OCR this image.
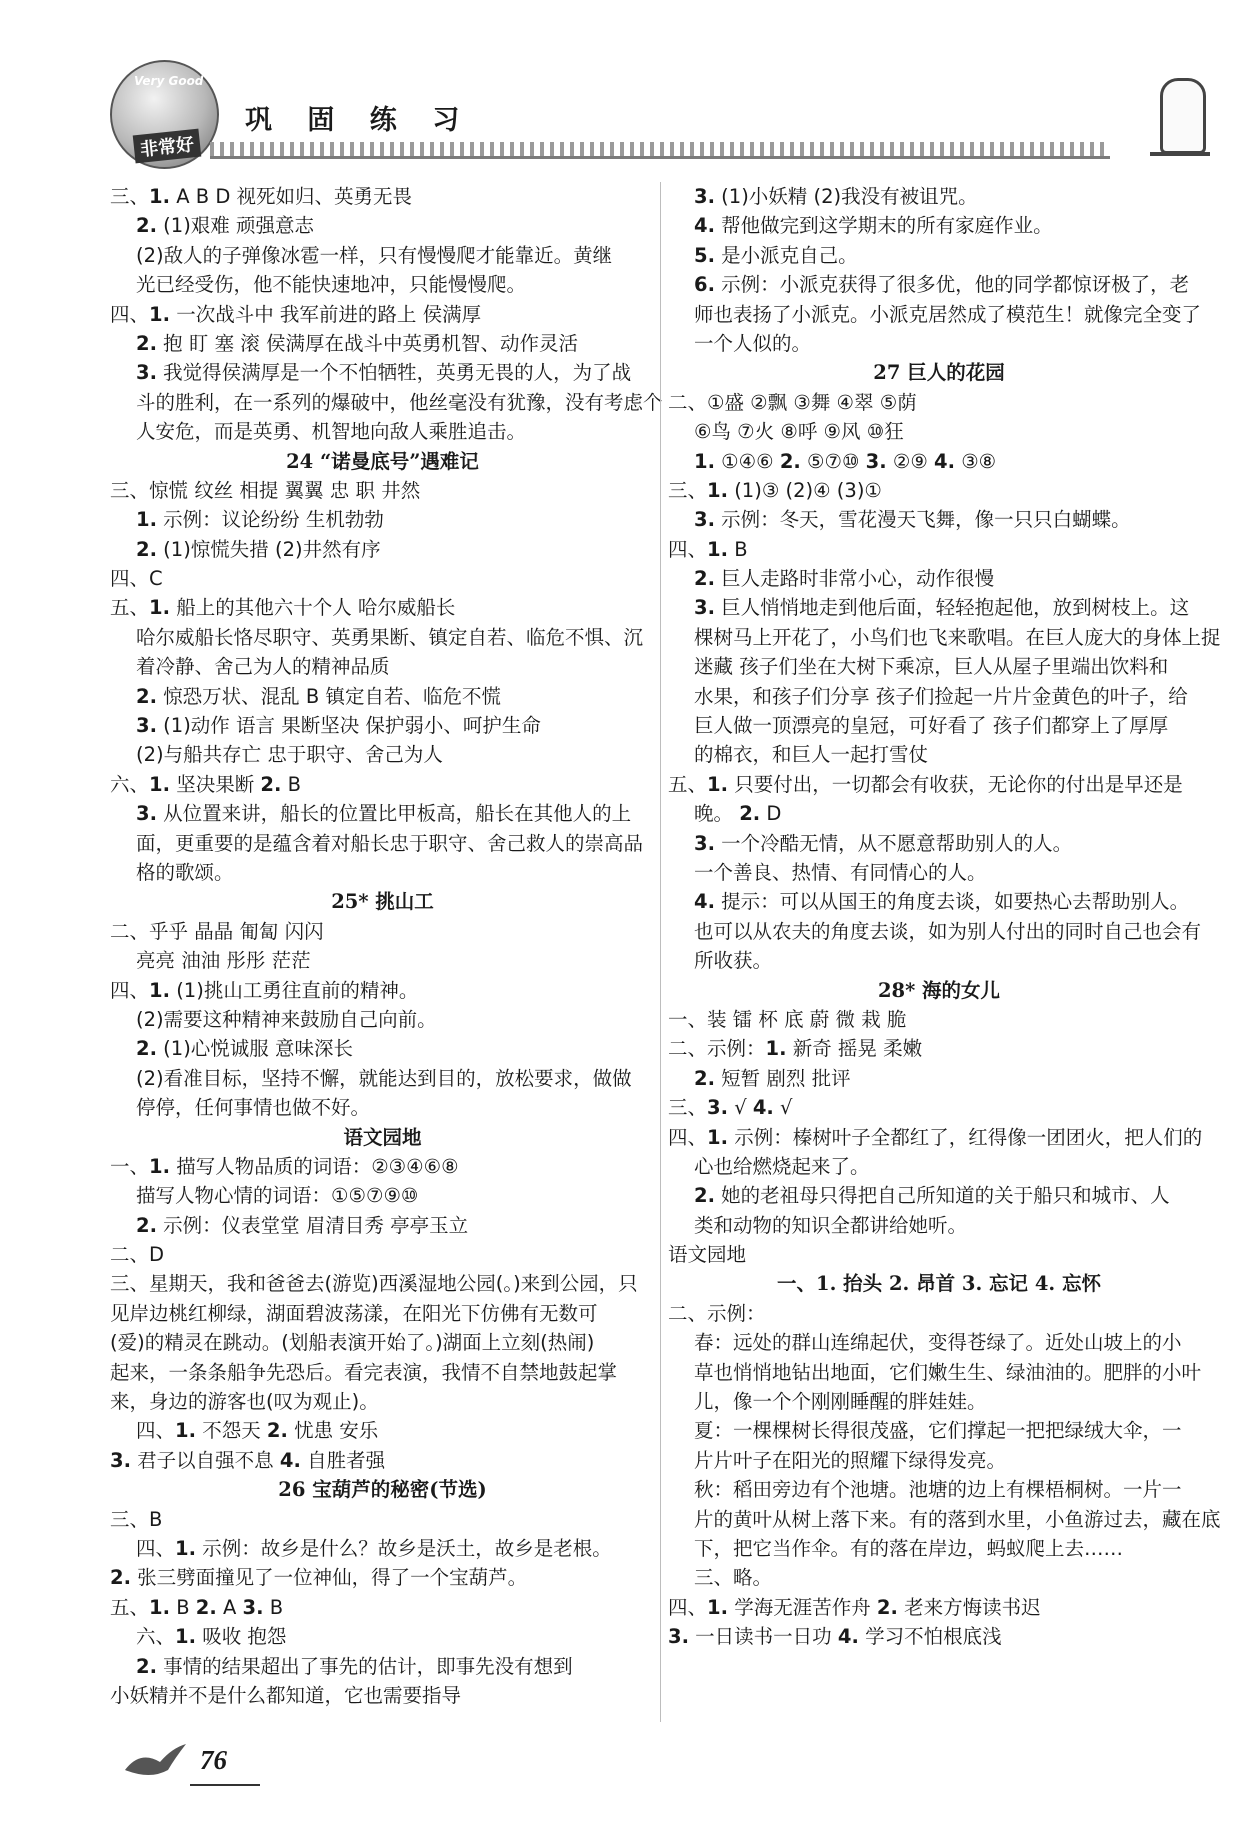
Very Good
非常好
巩 固 练 习
三、1. A B D 视死如归、英勇无畏
2. (1)艰难 顽强意志
(2)敌人的子弹像冰雹一样，只有慢慢爬才能靠近。黄继
光已经受伤，他不能快速地冲，只能慢慢爬。
四、1. 一次战斗中 我军前进的路上 侯满厚
2. 抱 盯 塞 滚 侯满厚在战斗中英勇机智、动作灵活
3. 我觉得侯满厚是一个不怕牺牲，英勇无畏的人，为了战
斗的胜利，在一系列的爆破中，他丝毫没有犹豫，没有考虑个
人安危，而是英勇、机智地向敌人乘胜追击。
24 “诺曼底号”遇难记
三、惊慌 纹丝 相提 翼翼 忠 职 井然
1. 示例：议论纷纷 生机勃勃
2. (1)惊慌失措 (2)井然有序
四、C
五、1. 船上的其他六十个人 哈尔威船长
哈尔威船长恪尽职守、英勇果断、镇定自若、临危不惧、沉
着冷静、舍己为人的精神品质
2. 惊恐万状、混乱 B 镇定自若、临危不慌
3. (1)动作 语言 果断坚决 保护弱小、呵护生命
(2)与船共存亡 忠于职守、舍己为人
六、1. 坚决果断 2. B
3. 从位置来讲，船长的位置比甲板高，船长在其他人的上
面，更重要的是蕴含着对船长忠于职守、舍己救人的崇高品
格的歌颂。
25* 挑山工
二、乎乎 晶晶 匍匐 闪闪
亮亮 油油 彤彤 茫茫
四、1. (1)挑山工勇往直前的精神。
(2)需要这种精神来鼓励自己向前。
2. (1)心悦诚服 意味深长
(2)看准目标，坚持不懈，就能达到目的，放松要求，做做
停停，任何事情也做不好。
语文园地
一、1. 描写人物品质的词语：②③④⑥⑧
描写人物心情的词语：①⑤⑦⑨⑩
2. 示例：仪表堂堂 眉清目秀 亭亭玉立
二、D
三、星期天，我和爸爸去(游览)西溪湿地公园(。)来到公园，只
见岸边桃红柳绿，湖面碧波荡漾，在阳光下仿佛有无数可
(爱)的精灵在跳动。(划船表演开始了。)湖面上立刻(热闹)
起来，一条条船争先恐后。看完表演，我情不自禁地鼓起掌
来，身边的游客也(叹为观止)。
四、1. 不怨天 2. 忧患 安乐
3. 君子以自强不息 4. 自胜者强
26 宝葫芦的秘密(节选)
三、B
四、1. 示例：故乡是什么？故乡是沃土，故乡是老根。
2. 张三劈面撞见了一位神仙，得了一个宝葫芦。
五、1. B 2. A 3. B
六、1. 吸收 抱怨
2. 事情的结果超出了事先的估计，即事先没有想到
小妖精并不是什么都知道，它也需要指导
3. (1)小妖精 (2)我没有被诅咒。
4. 帮他做完到这学期末的所有家庭作业。
5. 是小派克自己。
6. 示例：小派克获得了很多优，他的同学都惊讶极了，老
师也表扬了小派克。小派克居然成了模范生！就像完全变了
一个人似的。
27 巨人的花园
二、①盛 ②飘 ③舞 ④翠 ⑤荫
⑥鸟 ⑦火 ⑧呼 ⑨风 ⑩狂
1. ①④⑥ 2. ⑤⑦⑩ 3. ②⑨ 4. ③⑧
三、1. (1)③ (2)④ (3)①
3. 示例：冬天，雪花漫天飞舞，像一只只白蝴蝶。
四、1. B
2. 巨人走路时非常小心，动作很慢
3. 巨人悄悄地走到他后面，轻轻抱起他，放到树枝上。这
棵树马上开花了，小鸟们也飞来歌唱。在巨人庞大的身体上捉
迷藏 孩子们坐在大树下乘凉，巨人从屋子里端出饮料和
水果，和孩子们分享 孩子们捡起一片片金黄色的叶子，给
巨人做一顶漂亮的皇冠，可好看了 孩子们都穿上了厚厚
的棉衣，和巨人一起打雪仗
五、1. 只要付出，一切都会有收获，无论你的付出是早还是
晚。 2. D
3. 一个冷酷无情，从不愿意帮助别人的人。
一个善良、热情、有同情心的人。
4. 提示：可以从国王的角度去谈，如要热心去帮助别人。
也可以从农夫的角度去谈，如为别人付出的同时自己也会有
所收获。
28* 海的女儿
一、装 镭 杯 底 蔚 微 栽 脆
二、示例：1. 新奇 摇晃 柔嫩
2. 短暂 剧烈 批评
三、3. √ 4. √
四、1. 示例：榛树叶子全都红了，红得像一团团火，把人们的
心也给燃烧起来了。
2. 她的老祖母只得把自己所知道的关于船只和城市、人
类和动物的知识全都讲给她听。
语文园地
一、1. 抬头 2. 昂首 3. 忘记 4. 忘怀
二、示例：
春：远处的群山连绵起伏，变得苍绿了。近处山坡上的小
草也悄悄地钻出地面，它们嫩生生、绿油油的。肥胖的小叶
儿，像一个个刚刚睡醒的胖娃娃。
夏：一棵棵树长得很茂盛，它们撑起一把把绿绒大伞，一
片片叶子在阳光的照耀下绿得发亮。
秋：稻田旁边有个池塘。池塘的边上有棵梧桐树。一片一
片的黄叶从树上落下来。有的落到水里，小鱼游过去，藏在底
下，把它当作伞。有的落在岸边，蚂蚁爬上去……
三、略。
四、1. 学海无涯苦作舟 2. 老来方悔读书迟
3. 一日读书一日功 4. 学习不怕根底浅
76
